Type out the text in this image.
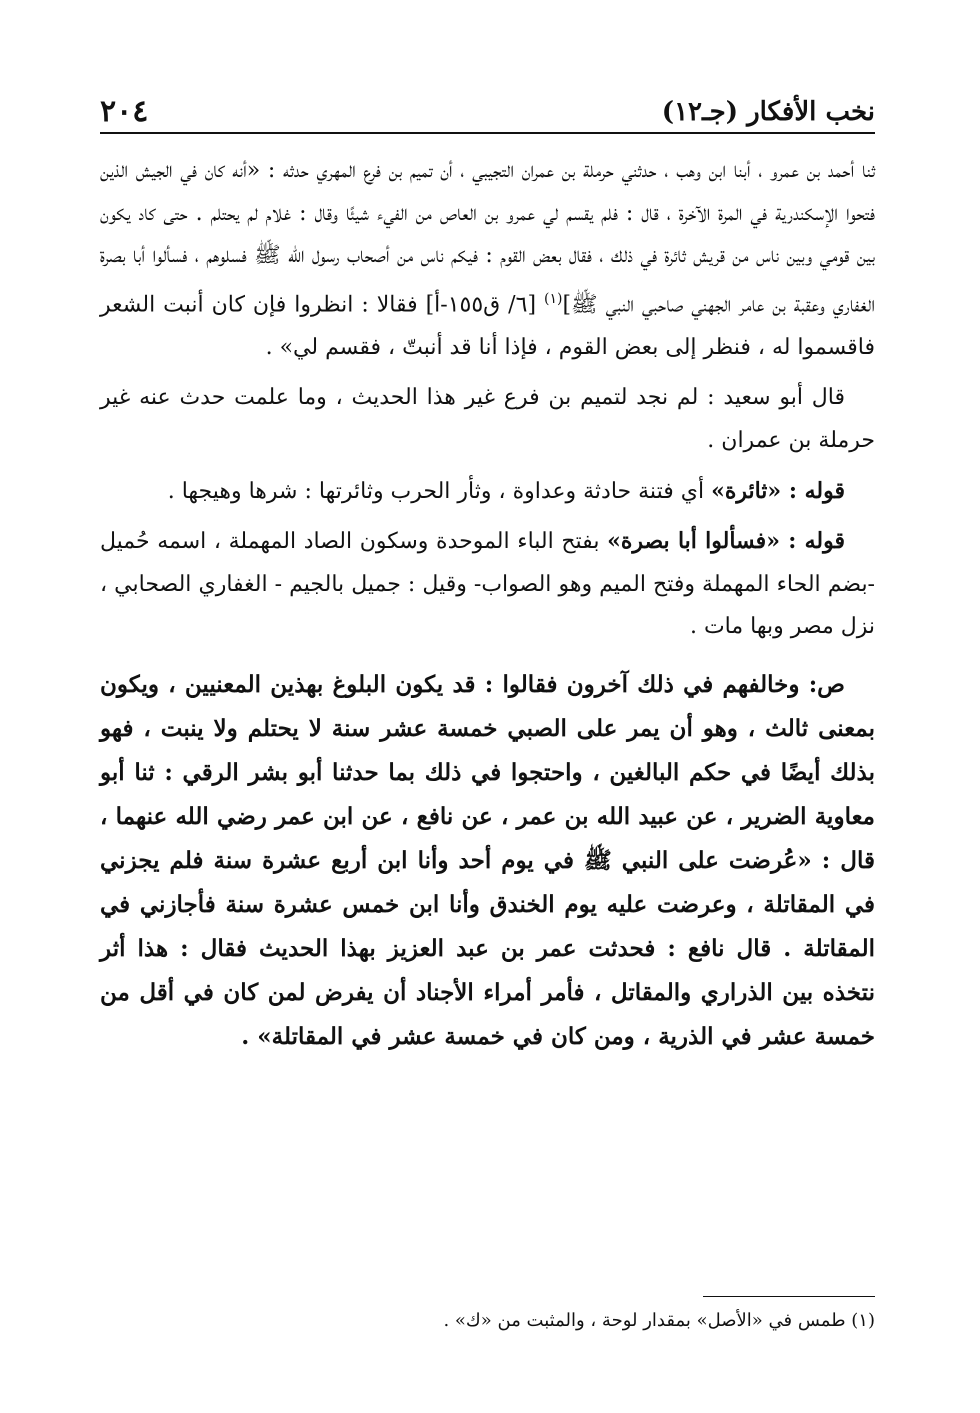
نخب الأفكار (جـ١٢)
٢٠٤

ثنا أحمد بن عمرو ، أبنا ابن وهب ، حدثني حرملة بن عمران التجيبي ، أن تميم بن فرع المهري حدثه : «أنه كان في الجيش الذين فتحوا الإسكندرية في المرة الآخرة ، قال : فلم يقسم لي عمرو بن العاص من الفيء شيئًا وقال : غلام لم يحتلم . حتى كاد يكون بين قومي وبين ناس من قريش ثائرة في ذلك ، فقال بعض القوم : فيكم ناس من أصحاب رسول الله ﷺ فسلوهم ، فسألوا أبا بصرة الغفاري وعقبة بن عامر الجهني صاحبي النبي ﷺ]$^{(١)}$ [٦/ ق١٥٥-أ] فقالا : انظروا فإن كان أنبت الشعر فاقسموا له ، فنظر إلى بعض القوم ، فإذا أنا قد أنبتّ ، فقسم لي» .

قال أبو سعيد : لم نجد لتميم بن فرع غير هذا الحديث ، وما علمت حدث عنه غير حرملة بن عمران .

قوله : «ثائرة» أي فتنة حادثة وعداوة ، وثأر الحرب وثائرتها : شرها وهيجها .

قوله : «فسألوا أبا بصرة» بفتح الباء الموحدة وسكون الصاد المهملة ، اسمه حُميل -بضم الحاء المهملة وفتح الميم وهو الصواب- وقيل : جميل بالجيم - الغفاري الصحابي ، نزل مصر وبها مات .

ص: وخالفهم في ذلك آخرون فقالوا : قد يكون البلوغ بهذين المعنيين ، ويكون بمعنى ثالث ، وهو أن يمر على الصبي خمسة عشر سنة لا يحتلم ولا ينبت ، فهو بذلك أيضًا في حكم البالغين ، واحتجوا في ذلك بما حدثنا أبو بشر الرقي : ثنا أبو معاوية الضرير ، عن عبيد الله بن عمر ، عن نافع ، عن ابن عمر رضي الله عنهما ، قال : «عُرضت على النبي ﷺ في يوم أحد وأنا ابن أربع عشرة سنة فلم يجزني في المقاتلة ، وعرضت عليه يوم الخندق وأنا ابن خمس عشرة سنة فأجازني في المقاتلة . قال نافع : فحدثت عمر بن عبد العزيز بهذا الحديث فقال : هذا أثر نتخذه بين الذراري والمقاتل ، فأمر أمراء الأجناد أن يفرض لمن كان في أقل من خمسة عشر في الذرية ، ومن كان في خمسة عشر في المقاتلة» .

(١) طمس في «الأصل» بمقدار لوحة ، والمثبت من «ك» .
